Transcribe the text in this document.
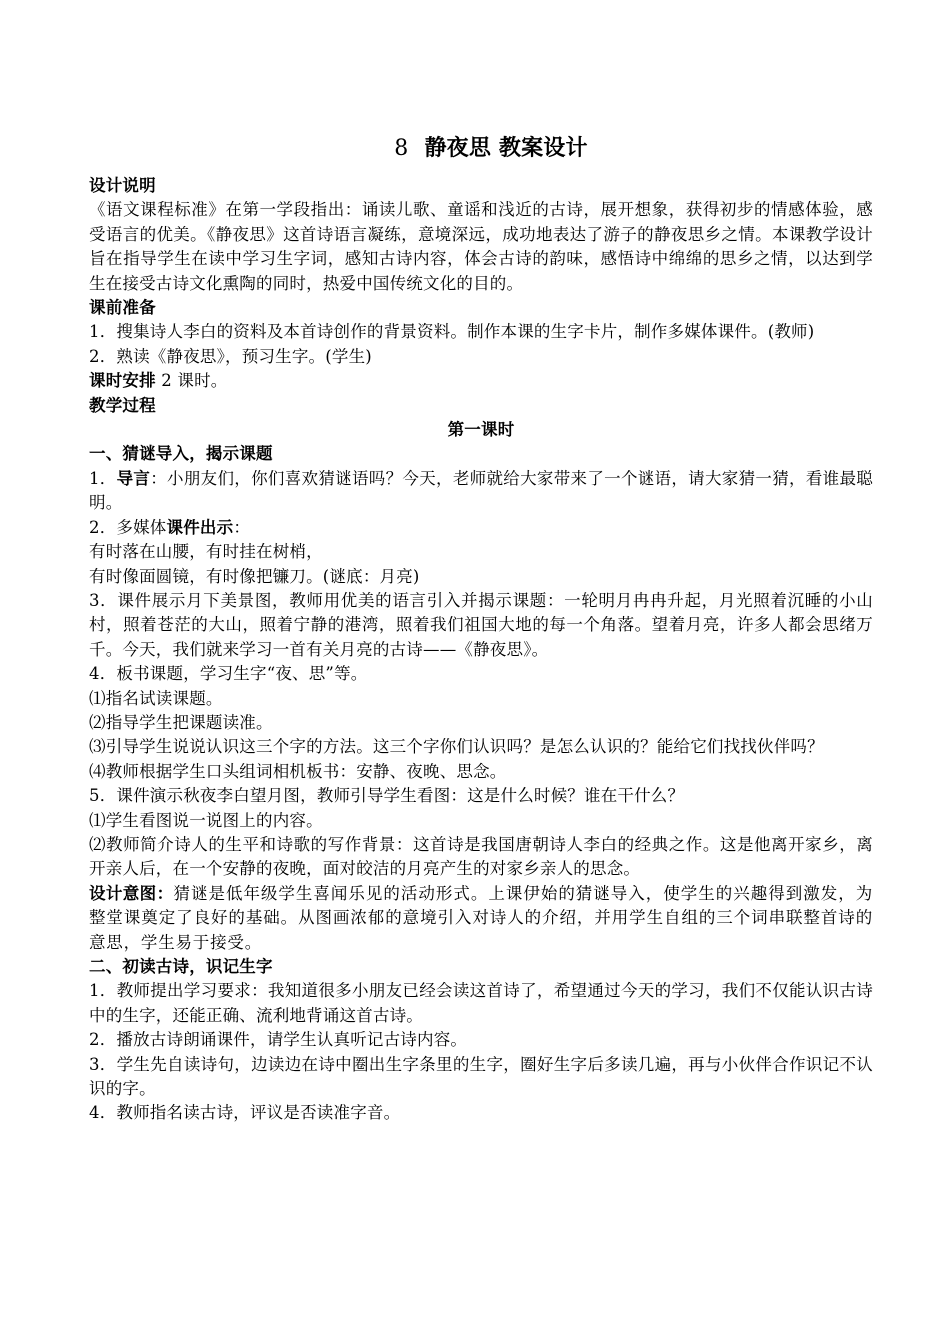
8 静夜思 教案设计
设计说明

《语文课程标准》在第一学段指出：诵读儿歌、童谣和浅近的古诗，展开想象，获得初步的情感体验，感受语言的优美。《静夜思》这首诗语言凝练，意境深远，成功地表达了游子的静夜思乡之情。本课教学设计旨在指导学生在读中学习生字词，感知古诗内容，体会古诗的韵味，感悟诗中绵绵的思乡之情，以达到学生在接受古诗文化熏陶的同时，热爱中国传统文化的目的。

课前准备

1．搜集诗人李白的资料及本首诗创作的背景资料。制作本课的生字卡片，制作多媒体课件。(教师)

2．熟读《静夜思》，预习生字。(学生)

课时安排 2 课时。

教学过程
第一课时
一、猜谜导入，揭示课题

1．导言：小朋友们，你们喜欢猜谜语吗？今天，老师就给大家带来了一个谜语，请大家猜一猜，看谁最聪明。

2．多媒体课件出示：

有时落在山腰，有时挂在树梢，

有时像面圆镜，有时像把镰刀。(谜底：月亮)

3．课件展示月下美景图，教师用优美的语言引入并揭示课题：一轮明月冉冉升起，月光照着沉睡的小山村，照着苍茫的大山，照着宁静的港湾，照着我们祖国大地的每一个角落。望着月亮，许多人都会思绪万千。今天，我们就来学习一首有关月亮的古诗——《静夜思》。

4．板书课题，学习生字“夜、思”等。

⑴指名试读课题。

⑵指导学生把课题读准。

⑶引导学生说说认识这三个字的方法。这三个字你们认识吗？是怎么认识的？能给它们找找伙伴吗？

⑷教师根据学生口头组词相机板书：安静、夜晚、思念。

5．课件演示秋夜李白望月图，教师引导学生看图：这是什么时候？谁在干什么？

⑴学生看图说一说图上的内容。

⑵教师简介诗人的生平和诗歌的写作背景：这首诗是我国唐朝诗人李白的经典之作。这是他离开家乡，离开亲人后，在一个安静的夜晚，面对皎洁的月亮产生的对家乡亲人的思念。

设计意图：猜谜是低年级学生喜闻乐见的活动形式。上课伊始的猜谜导入，使学生的兴趣得到激发，为整堂课奠定了良好的基础。从图画浓郁的意境引入对诗人的介绍，并用学生自组的三个词串联整首诗的意思，学生易于接受。

二、初读古诗，识记生字

1．教师提出学习要求：我知道很多小朋友已经会读这首诗了，希望通过今天的学习，我们不仅能认识古诗中的生字，还能正确、流利地背诵这首古诗。

2．播放古诗朗诵课件，请学生认真听记古诗内容。

3．学生先自读诗句，边读边在诗中圈出生字条里的生字，圈好生字后多读几遍，再与小伙伴合作识记不认识的字。

4．教师指名读古诗，评议是否读准字音。
